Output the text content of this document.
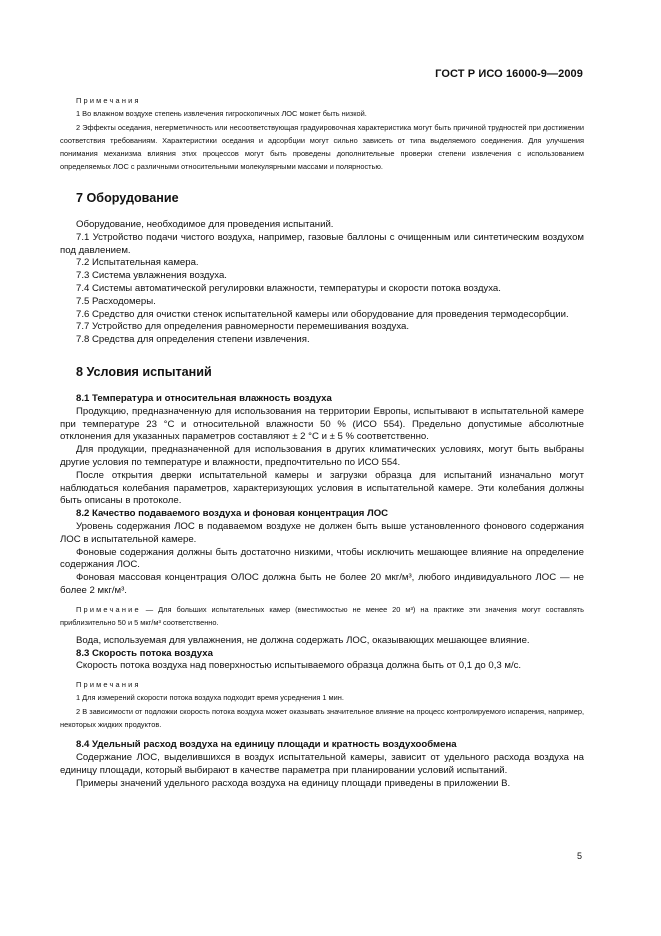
ГОСТ Р ИСО 16000-9—2009
Примечания
1 Во влажном воздухе степень извлечения гигроскопичных ЛОС может быть низкой.
2 Эффекты оседания, негерметичность или несоответствующая градуировочная характеристика могут быть причиной трудностей при достижении соответствия требованиям. Характеристики оседания и адсорбции могут сильно зависеть от типа выделяемого соединения. Для улучшения понимания механизма влияния этих процессов могут быть проведены дополнительные проверки степени извлечения с использованием определяемых ЛОС с различными относительными молекулярными массами и полярностью.
7 Оборудование
Оборудование, необходимое для проведения испытаний.
7.1 Устройство подачи чистого воздуха, например, газовые баллоны с очищенным или синтетическим воздухом под давлением.
7.2 Испытательная камера.
7.3 Система увлажнения воздуха.
7.4 Системы автоматической регулировки влажности, температуры и скорости потока воздуха.
7.5 Расходомеры.
7.6 Средство для очистки стенок испытательной камеры или оборудование для проведения термодесорбции.
7.7 Устройство для определения равномерности перемешивания воздуха.
7.8 Средства для определения степени извлечения.
8 Условия испытаний
8.1 Температура и относительная влажность воздуха
Продукцию, предназначенную для использования на территории Европы, испытывают в испытательной камере при температуре 23 °С и относительной влажности 50 % (ИСО 554). Предельно допустимые абсолютные отклонения для указанных параметров составляют ± 2 °С и ± 5 % соответственно.
Для продукции, предназначенной для использования в других климатических условиях, могут быть выбраны другие условия по температуре и влажности, предпочтительно по ИСО 554.
После открытия дверки испытательной камеры и загрузки образца для испытаний изначально могут наблюдаться колебания параметров, характеризующих условия в испытательной камере. Эти колебания должны быть описаны в протоколе.
8.2 Качество подаваемого воздуха и фоновая концентрация ЛОС
Уровень содержания ЛОС в подаваемом воздухе не должен быть выше установленного фонового содержания ЛОС в испытательной камере.
Фоновые содержания должны быть достаточно низкими, чтобы исключить мешающее влияние на определение содержания ЛОС.
Фоновая массовая концентрация ОЛОС должна быть не более 20 мкг/м³, любого индивидуального ЛОС — не более 2 мкг/м³.
Примечание — Для больших испытательных камер (вместимостью не менее 20 м³) на практике эти значения могут составлять приблизительно 50 и 5 мкг/м³ соответственно.
Вода, используемая для увлажнения, не должна содержать ЛОС, оказывающих мешающее влияние.
8.3 Скорость потока воздуха
Скорость потока воздуха над поверхностью испытываемого образца должна быть от 0,1 до 0,3 м/с.
Примечания
1 Для измерений скорости потока воздуха подходит время усреднения 1 мин.
2 В зависимости от подложки скорость потока воздуха может оказывать значительное влияние на процесс контролируемого испарения, например, некоторых жидких продуктов.
8.4 Удельный расход воздуха на единицу площади и кратность воздухообмена
Содержание ЛОС, выделившихся в воздух испытательной камеры, зависит от удельного расхода воздуха на единицу площади, который выбирают в качестве параметра при планировании условий испытаний.
Примеры значений удельного расхода воздуха на единицу площади приведены в приложении В.
5
